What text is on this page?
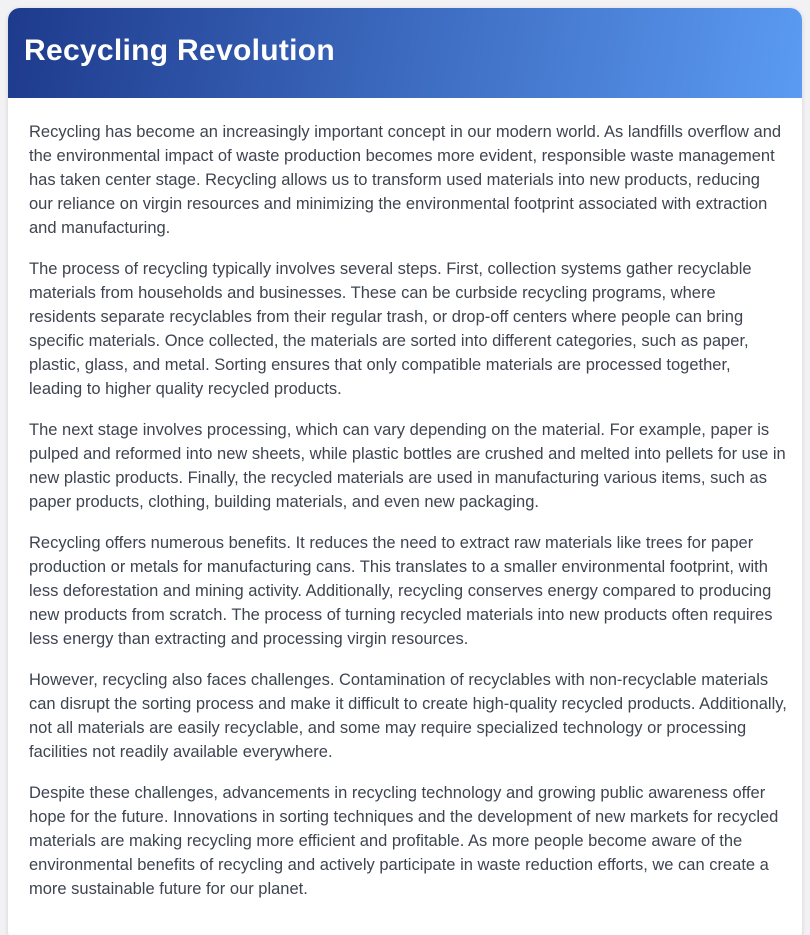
Recycling Revolution

Recycling has become an increasingly important concept in our modern world. As landfills overflow and the environmental impact of waste production becomes more evident, responsible waste management has taken center stage. Recycling allows us to transform used materials into new products, reducing our reliance on virgin resources and minimizing the environmental footprint associated with extraction and manufacturing.

The process of recycling typically involves several steps. First, collection systems gather recyclable materials from households and businesses. These can be curbside recycling programs, where residents separate recyclables from their regular trash, or drop-off centers where people can bring specific materials. Once collected, the materials are sorted into different categories, such as paper, plastic, glass, and metal. Sorting ensures that only compatible materials are processed together, leading to higher quality recycled products.

The next stage involves processing, which can vary depending on the material. For example, paper is pulped and reformed into new sheets, while plastic bottles are crushed and melted into pellets for use in new plastic products. Finally, the recycled materials are used in manufacturing various items, such as paper products, clothing, building materials, and even new packaging.

Recycling offers numerous benefits. It reduces the need to extract raw materials like trees for paper production or metals for manufacturing cans. This translates to a smaller environmental footprint, with less deforestation and mining activity. Additionally, recycling conserves energy compared to producing new products from scratch. The process of turning recycled materials into new products often requires less energy than extracting and processing virgin resources.

However, recycling also faces challenges. Contamination of recyclables with non-recyclable materials can disrupt the sorting process and make it difficult to create high-quality recycled products. Additionally, not all materials are easily recyclable, and some may require specialized technology or processing facilities not readily available everywhere.

Despite these challenges, advancements in recycling technology and growing public awareness offer hope for the future. Innovations in sorting techniques and the development of new markets for recycled materials are making recycling more efficient and profitable. As more people become aware of the environmental benefits of recycling and actively participate in waste reduction efforts, we can create a more sustainable future for our planet.
